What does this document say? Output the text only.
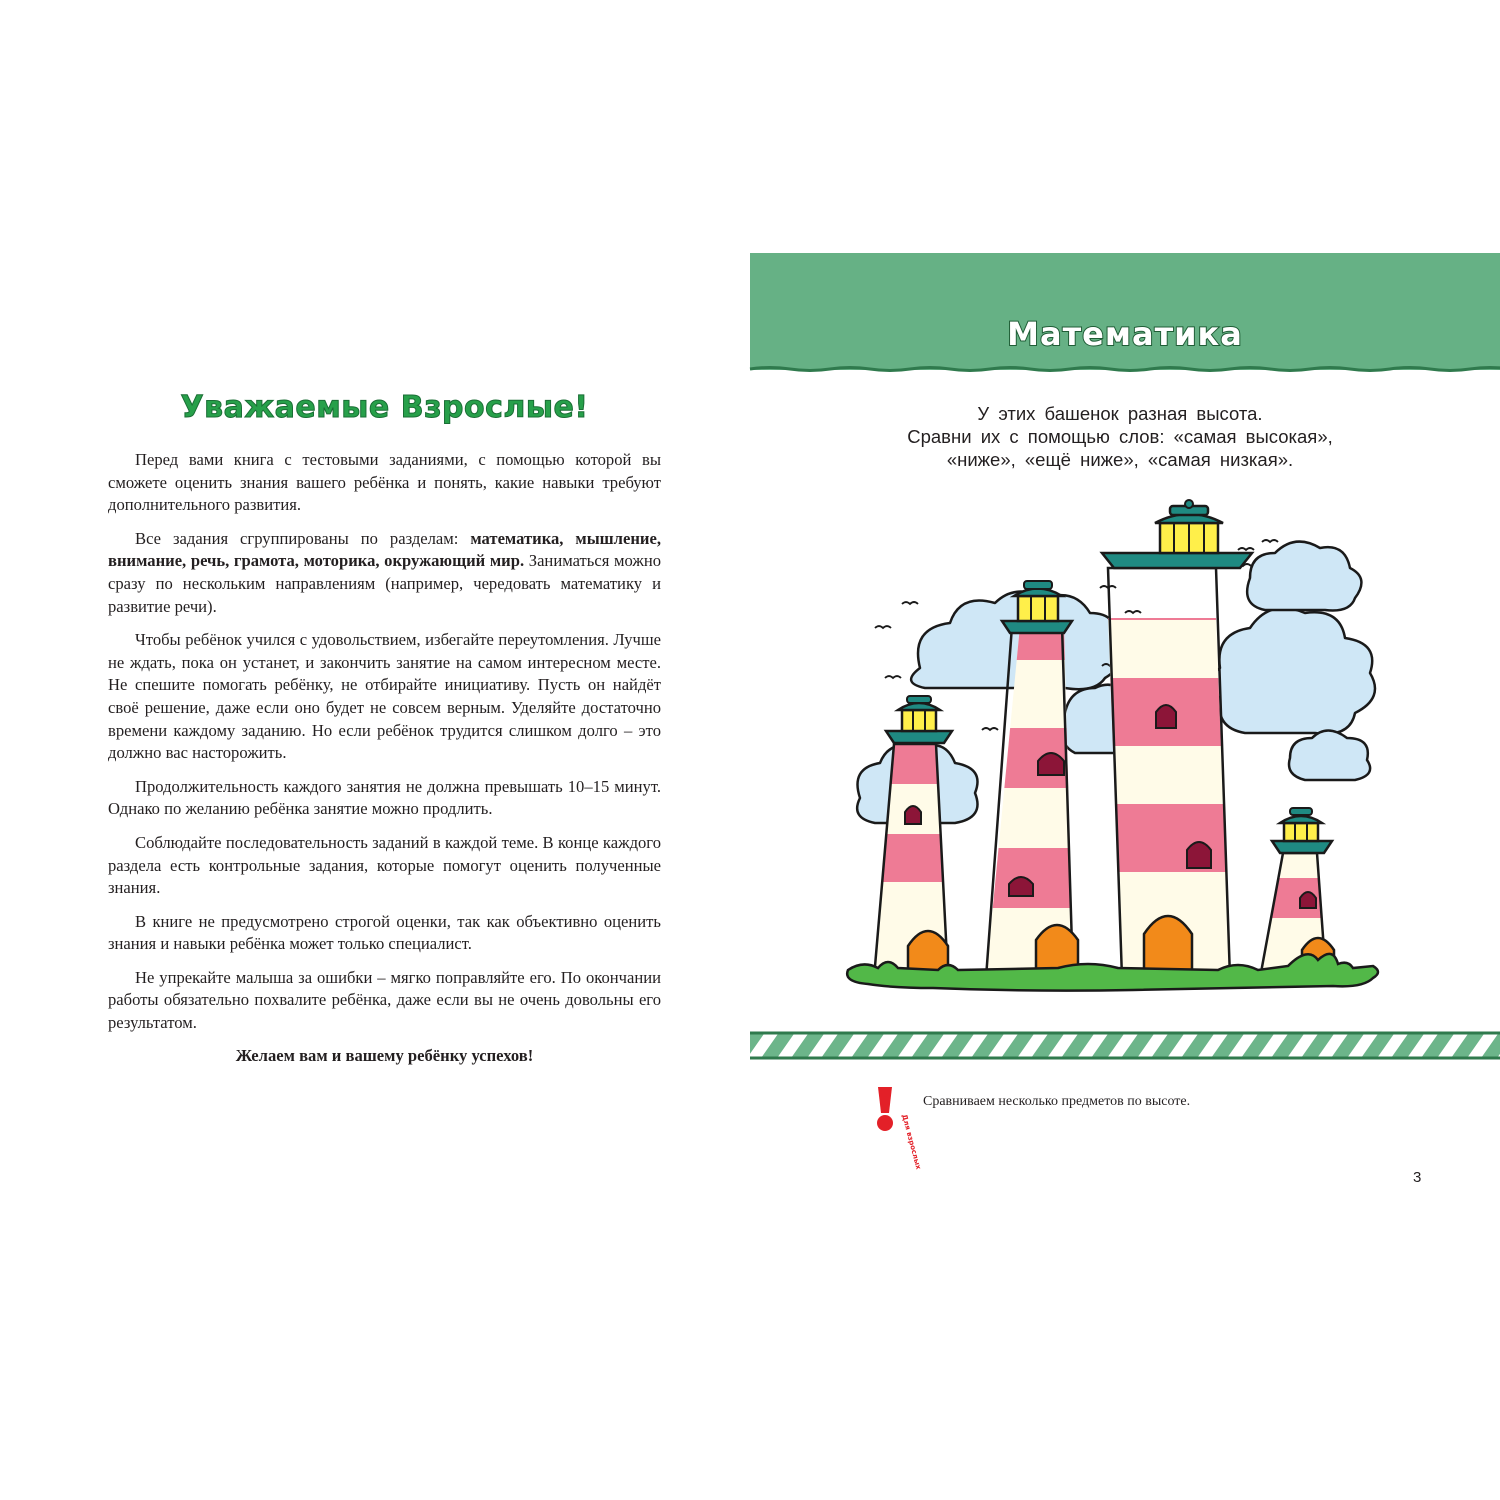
Уважаемые Взрослые!

Перед вами книга с тестовыми заданиями, с помощью которой вы сможете оценить знания вашего ребёнка и понять, какие навыки требуют дополнительного развития.

Все задания сгруппированы по разделам: математика, мышление, внимание, речь, грамота, моторика, окружающий мир. Заниматься можно сразу по нескольким направлениям (например, чередовать математику и развитие речи).

Чтобы ребёнок учился с удовольствием, избегайте переутомления. Лучше не ждать, пока он устанет, и закончить занятие на самом интересном месте. Не спешите помогать ребёнку, не отбирайте инициативу. Пусть он найдёт своё решение, даже если оно будет не совсем верным. Уделяйте достаточно времени каждому заданию. Но если ребёнок трудится слишком долго – это должно вас насторожить.

Продолжительность каждого занятия не должна превышать 10–15 минут. Однако по желанию ребёнка занятие можно продлить.

Соблюдайте последовательность заданий в каждой теме. В конце каждого раздела есть контрольные задания, которые помогут оценить полученные знания.

В книге не предусмотрено строгой оценки, так как объективно оценить знания и навыки ребёнка может только специалист.

Не упрекайте малыша за ошибки – мягко поправляйте его. По окончании работы обязательно похвалите ребёнка, даже если вы не очень довольны его результатом.

Желаем вам и вашему ребёнку успехов!
Математика
У этих башенок разная высота.
Сравни их с помощью слов: «самая высокая»,
«ниже», «ещё ниже», «самая низкая».
Для взрослых

Сравниваем несколько предметов по высоте.

3
